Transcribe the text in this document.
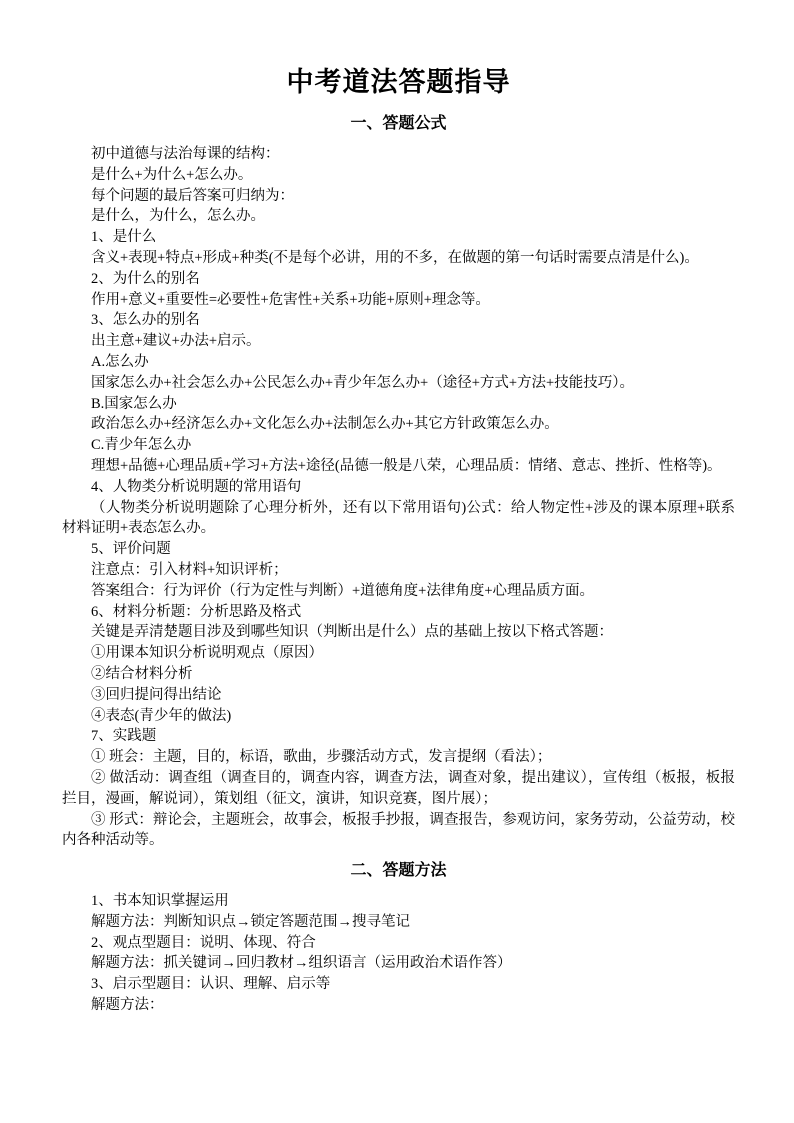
中考道法答题指导
一、答题公式

初中道德与法治每课的结构：

是什么+为什么+怎么办。

每个问题的最后答案可归纳为：

是什么，为什么，怎么办。

1、是什么

含义+表现+特点+形成+种类(不是每个必讲，用的不多，在做题的第一句话时需要点清是什么)。

2、为什么的别名

作用+意义+重要性=必要性+危害性+关系+功能+原则+理念等。

3、怎么办的别名

出主意+建议+办法+启示。

A.怎么办

国家怎么办+社会怎么办+公民怎么办+青少年怎么办+（途径+方式+方法+技能技巧）。

B.国家怎么办

政治怎么办+经济怎么办+文化怎么办+法制怎么办+其它方针政策怎么办。

C.青少年怎么办

理想+品德+心理品质+学习+方法+途径(品德一般是八荣，心理品质：情绪、意志、挫折、性格等)。

4、人物类分析说明题的常用语句

（人物类分析说明题除了心理分析外，还有以下常用语句)公式：给人物定性+涉及的课本原理+联系材料证明+表态怎么办。

5、评价问题

注意点：引入材料+知识评析；

答案组合：行为评价（行为定性与判断）+道德角度+法律角度+心理品质方面。

6、材料分析题：分析思路及格式

关键是弄清楚题目涉及到哪些知识（判断出是什么）点的基础上按以下格式答题：

①用课本知识分析说明观点（原因）

②结合材料分析

③回归提问得出结论

④表态(青少年的做法)

7、实践题

① 班会：主题，目的，标语，歌曲，步骤活动方式，发言提纲（看法）；

② 做活动：调查组（调查目的，调查内容，调查方法，调查对象，提出建议），宣传组（板报，板报拦目，漫画，解说词），策划组（征文，演讲，知识竞赛，图片展）；

③ 形式：辩论会，主题班会，故事会，板报手抄报，调查报告，参观访问，家务劳动，公益劳动，校内各种活动等。

二、答题方法

1、书本知识掌握运用

解题方法：判断知识点→锁定答题范围→搜寻笔记

2、观点型题目：说明、体现、符合

解题方法：抓关键词→回归教材→组织语言（运用政治术语作答）

3、启示型题目：认识、理解、启示等

解题方法：
